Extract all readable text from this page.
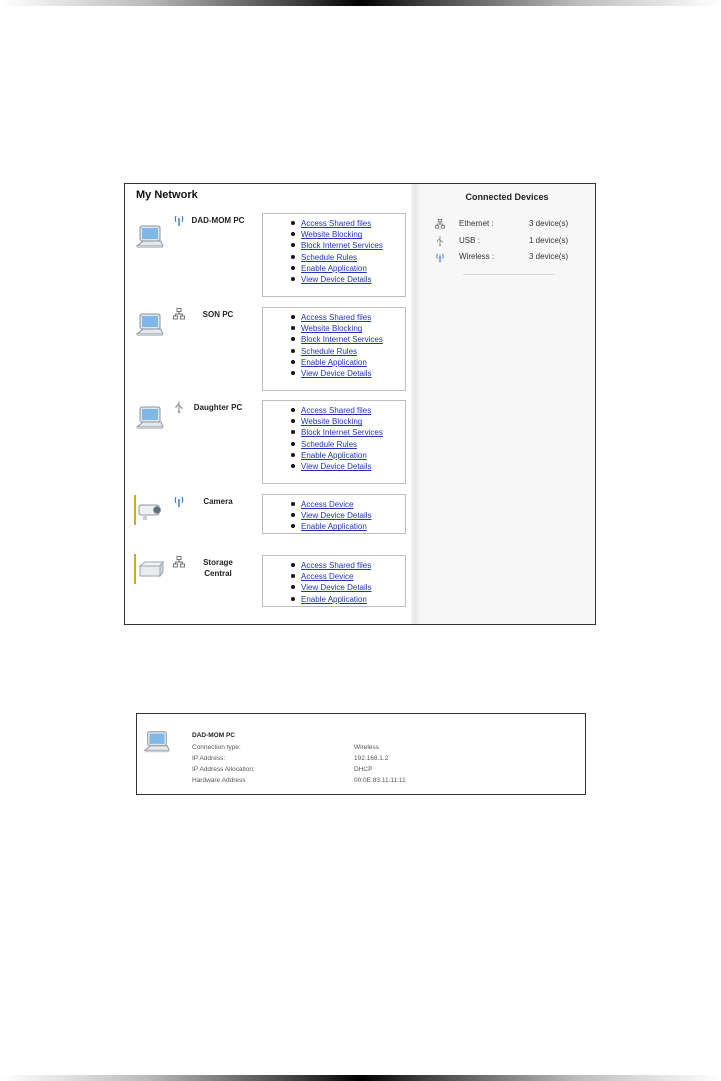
My Network
DAD-MOM PC	Access Shared files
Website Blocking
Block Internet Services
Schedule Rules
Enable Application
View Device Details
SON PC	Access Shared files
Website Blocking
Block Internet Services
Schedule Rules
Enable Application
View Device Details
Daughter PC	Access Shared files
Website Blocking
Block Internet Services
Schedule Rules
Enable Application
View Device Details
Camera	Access Device
View Device Details
Enable Application
Storage
Central
Access Shared files
Access Device
View Device Details
Enable Application
Connected Devices
Ethernet :	3 device(s)
USB :	1 device(s)
Wireless :	3 device(s)
DAD-MOM PC
Connection type:	Wireless
IP Address:	192.168.1.2
IP Address Allocation:	DHCP
Hardware Address	00:0E:83:11:11:11
